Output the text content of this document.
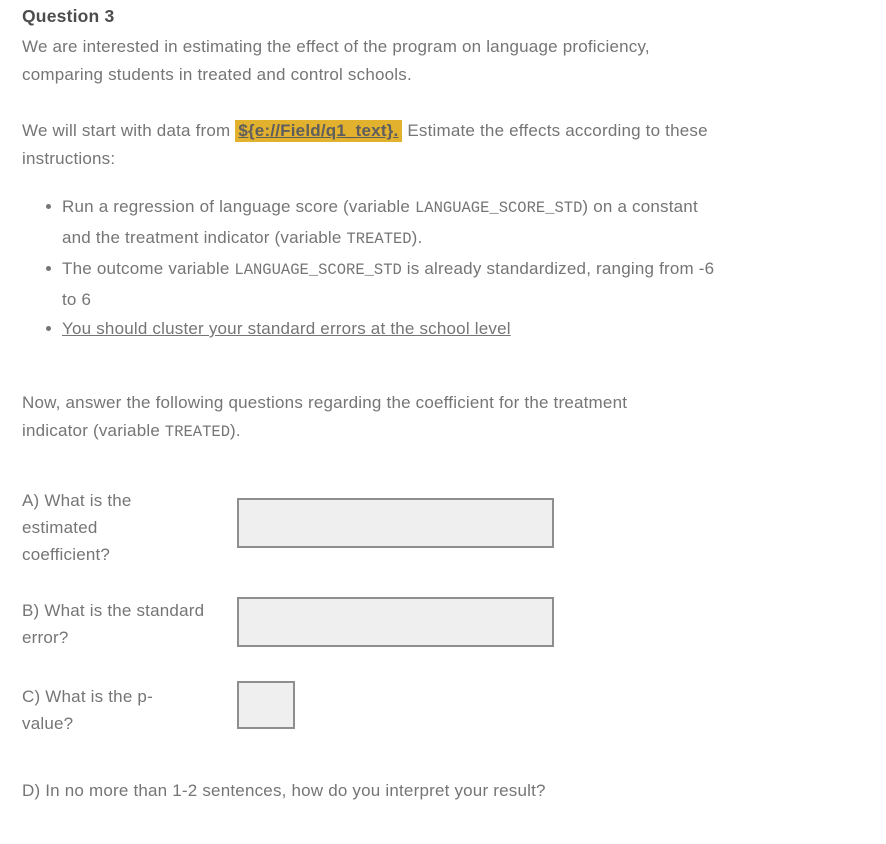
Question 3

We are interested in estimating the effect of the program on language proficiency,
comparing students in treated and control schools.

We will start with data from ${e://Field/q1_text}. Estimate the effects according to these
instructions:

Run a regression of language score (variable LANGUAGE_SCORE_STD) on a constant
and the treatment indicator (variable TREATED).
The outcome variable LANGUAGE_SCORE_STD is already standardized, ranging from -6
to 6
You should cluster your standard errors at the school level

Now, answer the following questions regarding the coefficient for the treatment
indicator (variable TREATED).

A) What is the
estimated
coefficient?
B) What is the standard
error?
C) What is the p-
value?

D) In no more than 1-2 sentences, how do you interpret your result?
